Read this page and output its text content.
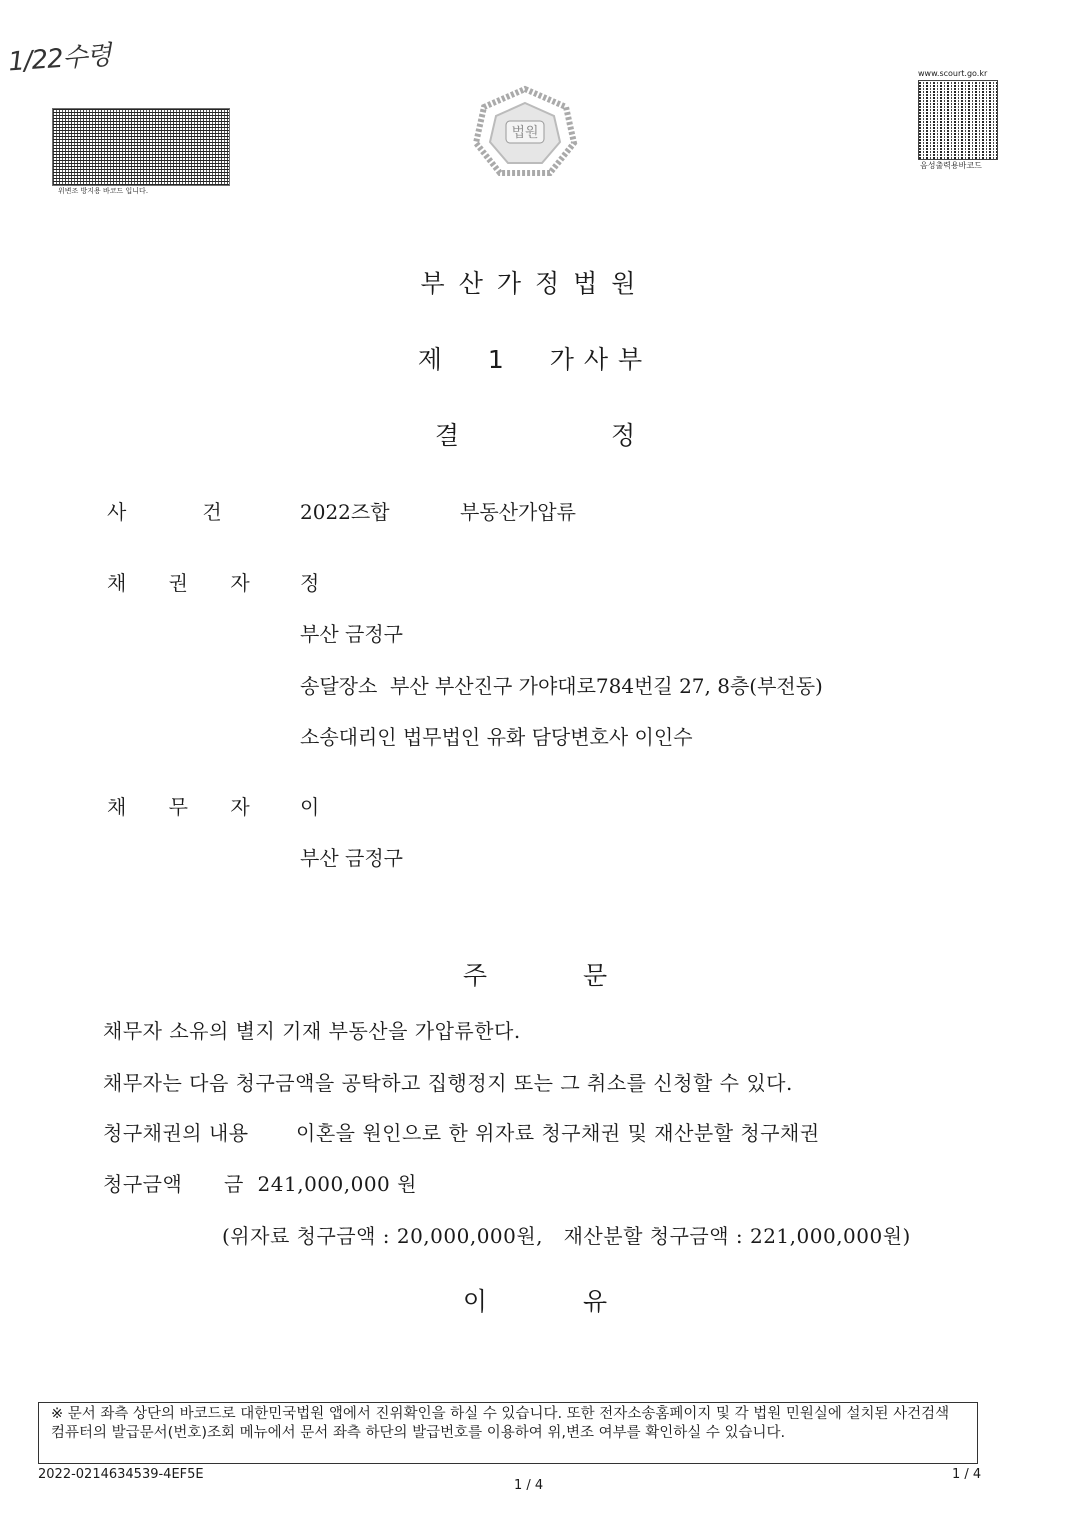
1/22수령
위변조 방지용 바코드 입니다.
법원
www.scourt.go.kr
음성출력용바코드
부산가정법원
제 1 가사부
결	정
사	건	2022즈합	부동산가압류
채 권 자 정
부산 금정구
송달장소  부산 부산진구 가야대로784번길 27, 8층(부전동)
소송대리인 법무법인 유화 담당변호사 이인수
채 무 자 이
부산 금정구
주	문
채무자 소유의 별지 기재 부동산을 가압류한다.
채무자는 다음 청구금액을 공탁하고 집행정지 또는 그 취소를 신청할 수 있다.
청구채권의 내용 이혼을 원인으로 한 위자료 청구채권 및 재산분할 청구채권
청구금액 금  241,000,000 원
(위자료 청구금액 : 20,000,000원,   재산분할 청구금액 : 221,000,000원)
이	유
※ 문서 좌측 상단의 바코드로 대한민국법원 앱에서 진위확인을 하실 수 있습니다. 또한 전자소송홈페이지 및 각 법원 민원실에 설치된 사건검색 컴퓨터의 발급문서(번호)조회 메뉴에서 문서 좌측 하단의 발급번호를 이용하여 위,변조 여부를 확인하실 수 있습니다.
2022-0214634539-4EF5E
1 / 4
1 / 4
